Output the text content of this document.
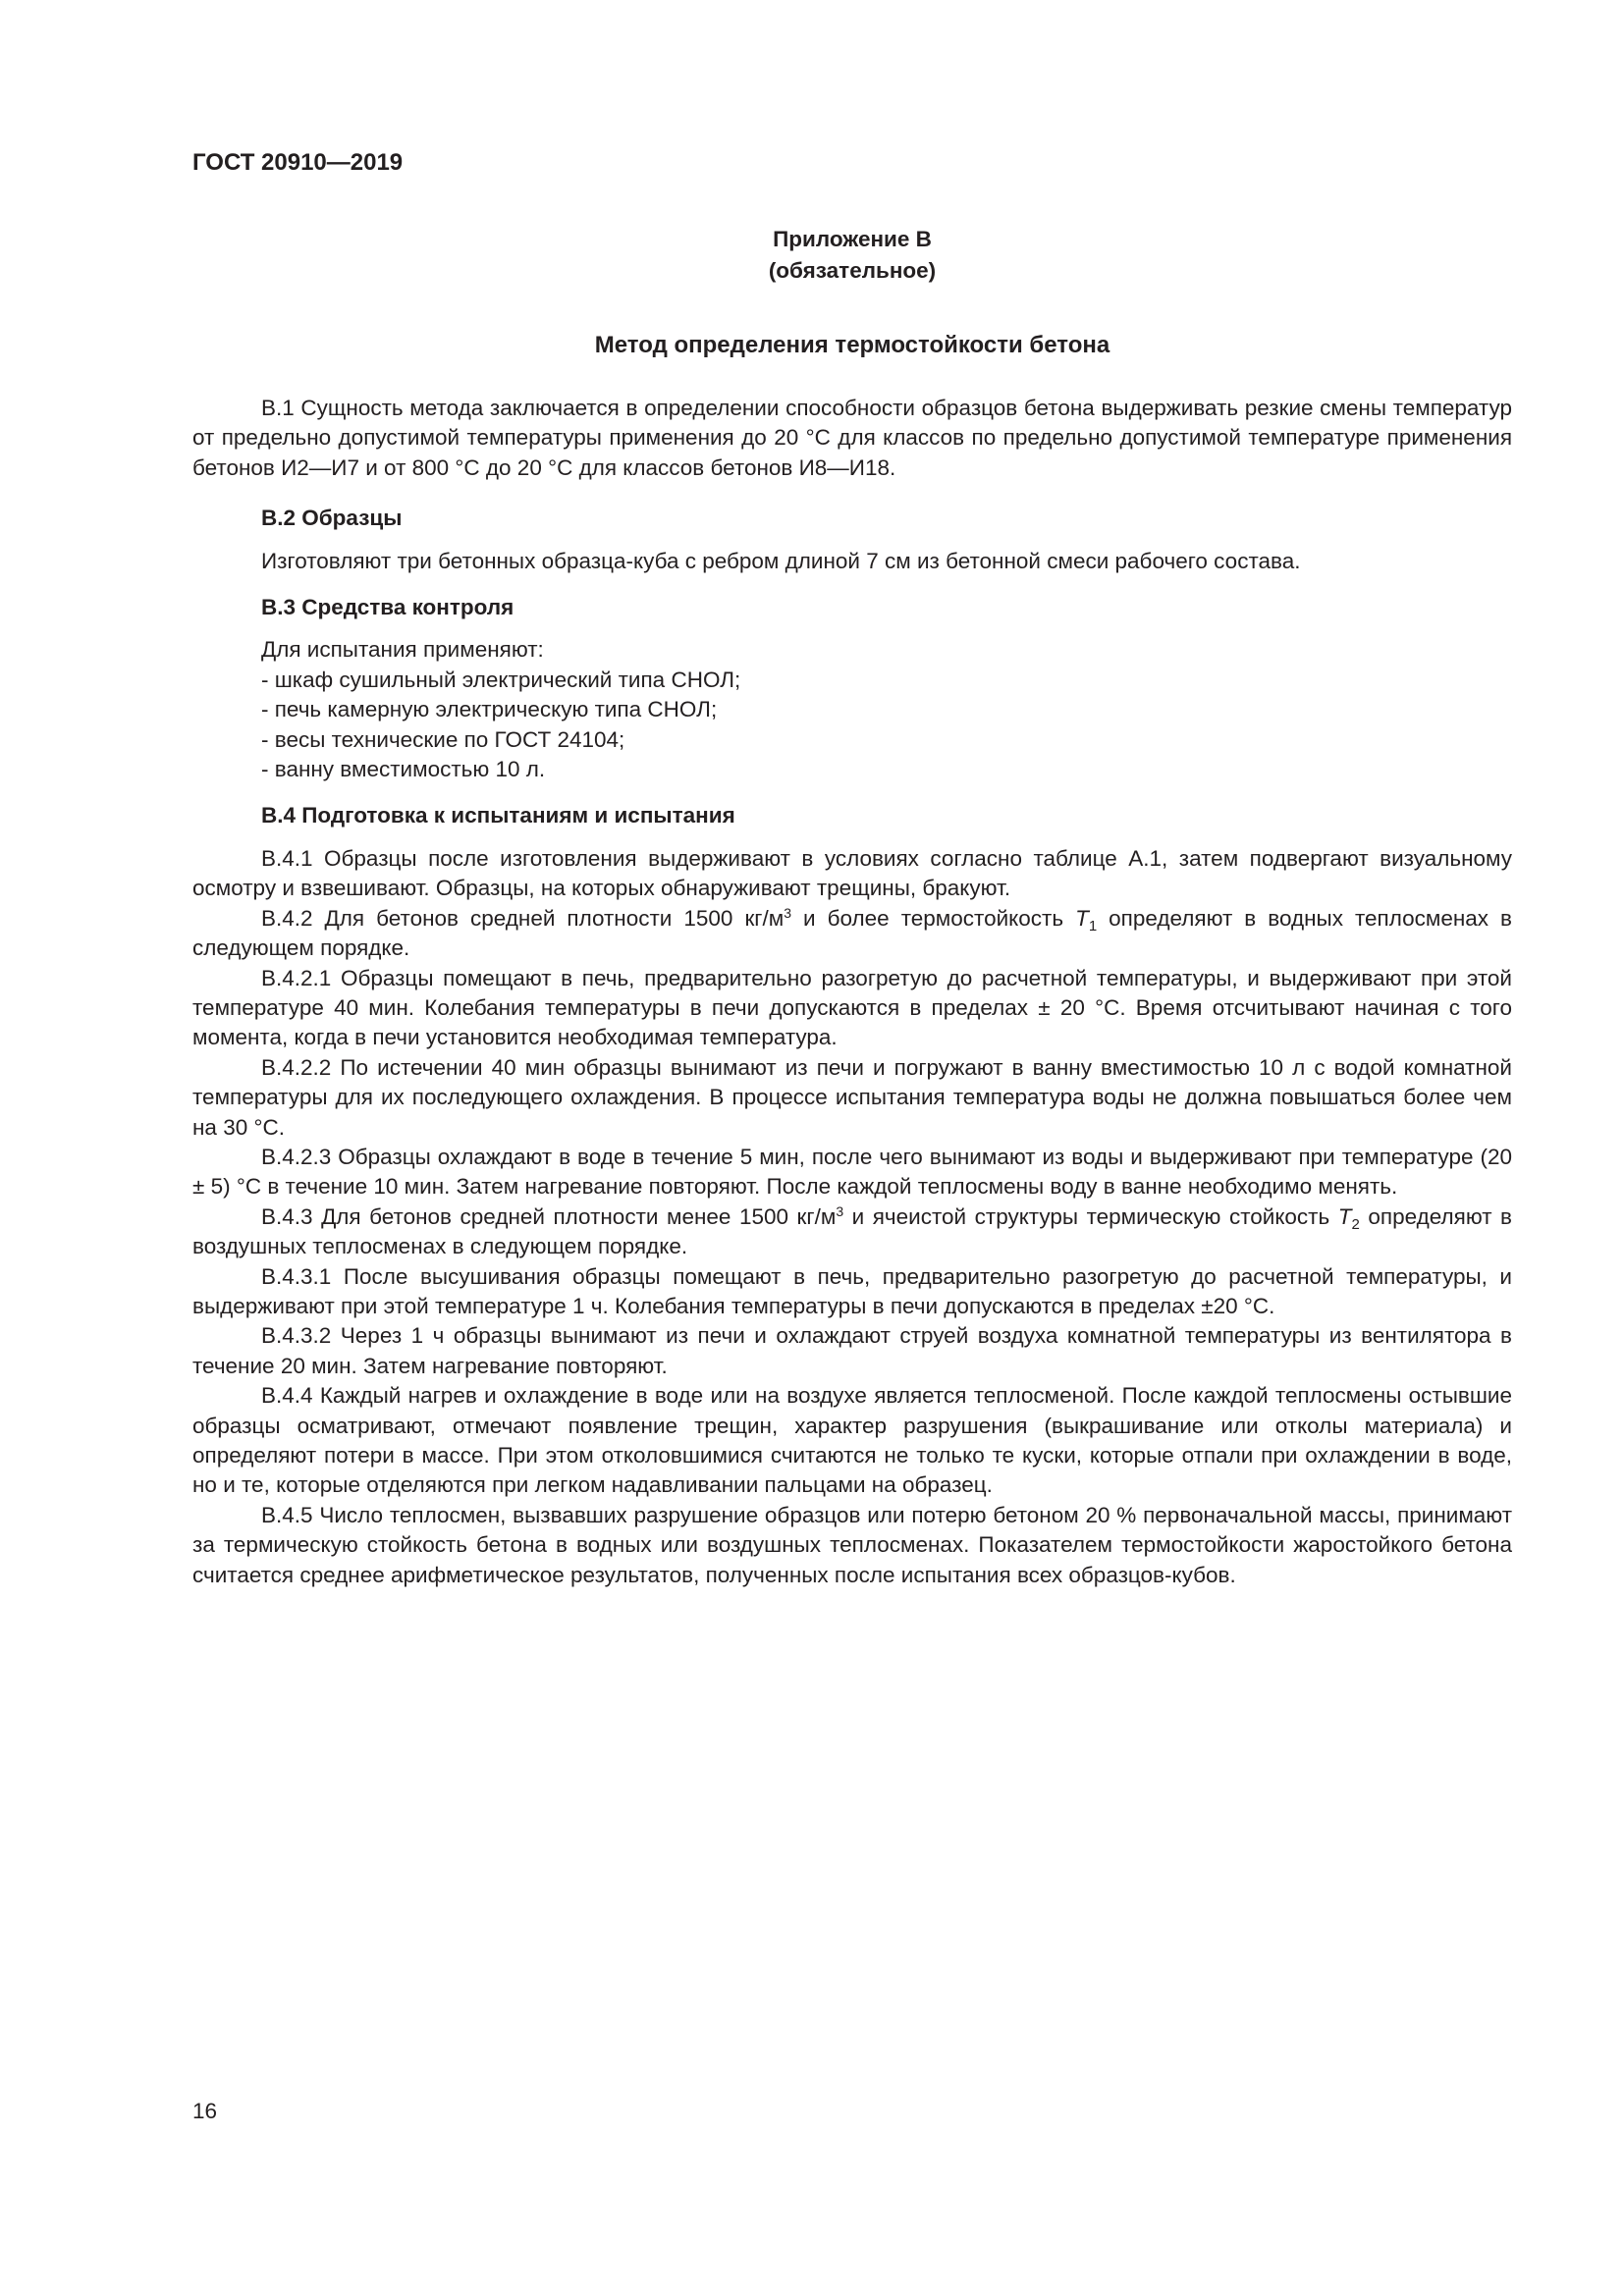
ГОСТ 20910—2019

Приложение В
(обязательное)
Метод определения термостойкости бетона

В.1 Сущность метода заключается в определении способности образцов бетона выдерживать резкие смены температур от предельно допустимой температуры применения до 20 °С для классов по предельно допустимой температуре применения бетонов И2—И7 и от 800 °С до 20 °С для классов бетонов И8—И18.

В.2 Образцы

Изготовляют три бетонных образца-куба с ребром длиной 7 см из бетонной смеси рабочего состава.

В.3 Средства контроля

Для испытания применяют:

- шкаф сушильный электрический типа СНОЛ;

- печь камерную электрическую типа СНОЛ;

- весы технические по ГОСТ 24104;

- ванну вместимостью 10 л.

В.4 Подготовка к испытаниям и испытания

В.4.1 Образцы после изготовления выдерживают в условиях согласно таблице А.1, затем подвергают визуальному осмотру и взвешивают. Образцы, на которых обнаруживают трещины, бракуют.

В.4.2 Для бетонов средней плотности 1500 $кг/м^3$ и более термостойкость $T_1$ определяют в водных теплосменах в следующем порядке.

В.4.2.1 Образцы помещают в печь, предварительно разогретую до расчетной температуры, и выдерживают при этой температуре 40 мин. Колебания температуры в печи допускаются в пределах ± 20 °С. Время отсчитывают начиная с того момента, когда в печи установится необходимая температура.

В.4.2.2 По истечении 40 мин образцы вынимают из печи и погружают в ванну вместимостью 10 л с водой комнатной температуры для их последующего охлаждения. В процессе испытания температура воды не должна повышаться более чем на 30 °С.

В.4.2.3 Образцы охлаждают в воде в течение 5 мин, после чего вынимают из воды и выдерживают при температуре (20 ± 5) °С в течение 10 мин. Затем нагревание повторяют. После каждой теплосмены воду в ванне необходимо менять.

В.4.3 Для бетонов средней плотности менее 1500 $кг/м^3$ и ячеистой структуры термическую стойкость $T_2$ определяют в воздушных теплосменах в следующем порядке.

В.4.3.1 После высушивания образцы помещают в печь, предварительно разогретую до расчетной температуры, и выдерживают при этой температуре 1 ч. Колебания температуры в печи допускаются в пределах ±20 °С.

В.4.3.2 Через 1 ч образцы вынимают из печи и охлаждают струей воздуха комнатной температуры из вентилятора в течение 20 мин. Затем нагревание повторяют.

В.4.4 Каждый нагрев и охлаждение в воде или на воздухе является теплосменой. После каждой теплосмены остывшие образцы осматривают, отмечают появление трещин, характер разрушения (выкрашивание или отколы материала) и определяют потери в массе. При этом отколовшимися считаются не только те куски, которые отпали при охлаждении в воде, но и те, которые отделяются при легком надавливании пальцами на образец.

В.4.5 Число теплосмен, вызвавших разрушение образцов или потерю бетоном 20 % первоначальной массы, принимают за термическую стойкость бетона в водных или воздушных теплосменах. Показателем термостойкости жаростойкого бетона считается среднее арифметическое результатов, полученных после испытания всех образцов-кубов.

16
